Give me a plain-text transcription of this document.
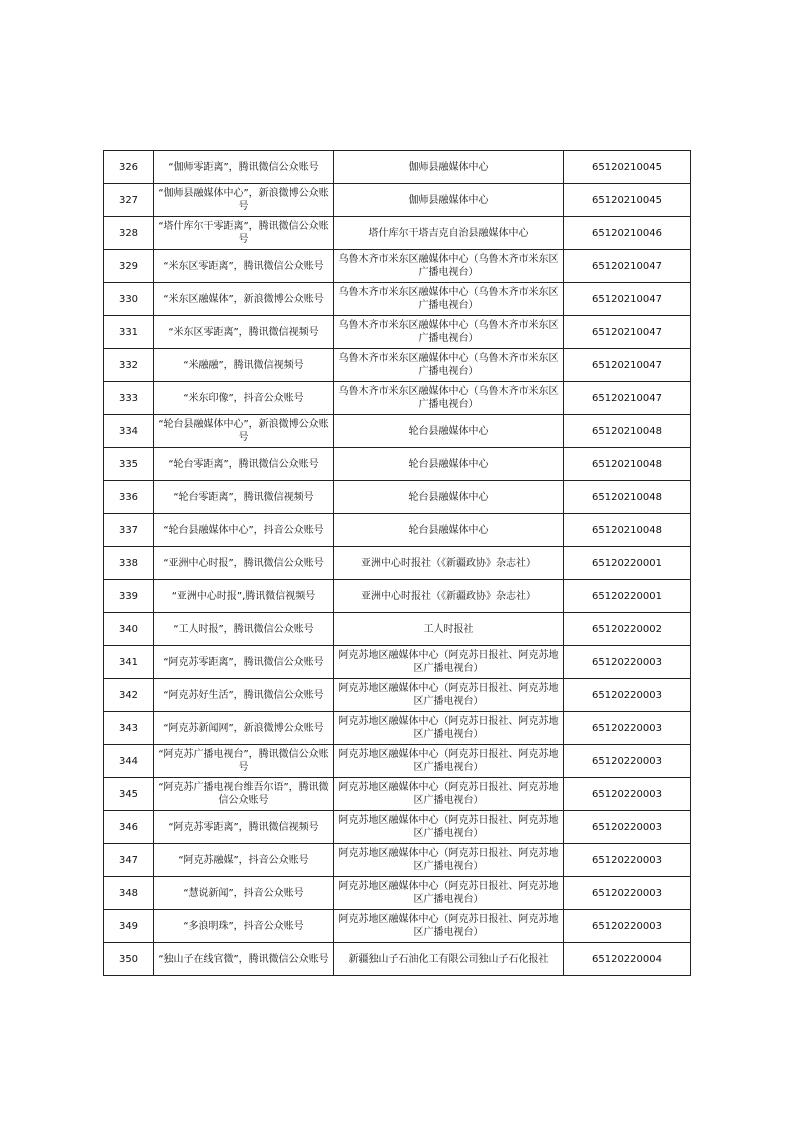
326	“伽师零距离”，腾讯微信公众账号	伽师县融媒体中心	65120210045
327	“伽师县融媒体中心”，新浪微博公众账号	伽师县融媒体中心	65120210045
328	“塔什库尔干零距离”，腾讯微信公众账号	塔什库尔干塔吉克自治县融媒体中心	65120210046
329	“米东区零距离”，腾讯微信公众账号	乌鲁木齐市米东区融媒体中心（乌鲁木齐市米东区广播电视台）	65120210047
330	“米东区融媒体”，新浪微博公众账号	乌鲁木齐市米东区融媒体中心（乌鲁木齐市米东区广播电视台）	65120210047
331	“米东区零距离”，腾讯微信视频号	乌鲁木齐市米东区融媒体中心（乌鲁木齐市米东区广播电视台）	65120210047
332	“米融融”，腾讯微信视频号	乌鲁木齐市米东区融媒体中心（乌鲁木齐市米东区广播电视台）	65120210047
333	“米东印像”，抖音公众账号	乌鲁木齐市米东区融媒体中心（乌鲁木齐市米东区广播电视台）	65120210047
334	“轮台县融媒体中心”，新浪微博公众账号	轮台县融媒体中心	65120210048
335	“轮台零距离”，腾讯微信公众账号	轮台县融媒体中心	65120210048
336	“轮台零距离”，腾讯微信视频号	轮台县融媒体中心	65120210048
337	“轮台县融媒体中心”，抖音公众账号	轮台县融媒体中心	65120210048
338	“亚洲中心时报”，腾讯微信公众账号	亚洲中心时报社（《新疆政协》杂志社）	65120220001
339	“亚洲中心时报”,腾讯微信视频号	亚洲中心时报社（《新疆政协》杂志社）	65120220001
340	“工人时报”，腾讯微信公众账号	工人时报社	65120220002
341	“阿克苏零距离”，腾讯微信公众账号	阿克苏地区融媒体中心（阿克苏日报社、阿克苏地区广播电视台）	65120220003
342	“阿克苏好生活”，腾讯微信公众账号	阿克苏地区融媒体中心（阿克苏日报社、阿克苏地区广播电视台）	65120220003
343	“阿克苏新闻网”，新浪微博公众账号	阿克苏地区融媒体中心（阿克苏日报社、阿克苏地区广播电视台）	65120220003
344	“阿克苏广播电视台”，腾讯微信公众账号	阿克苏地区融媒体中心（阿克苏日报社、阿克苏地区广播电视台）	65120220003
345	“阿克苏广播电视台维吾尔语”，腾讯微信公众账号	阿克苏地区融媒体中心（阿克苏日报社、阿克苏地区广播电视台）	65120220003
346	“阿克苏零距离”，腾讯微信视频号	阿克苏地区融媒体中心（阿克苏日报社、阿克苏地区广播电视台）	65120220003
347	“阿克苏融媒”，抖音公众账号	阿克苏地区融媒体中心（阿克苏日报社、阿克苏地区广播电视台）	65120220003
348	“慧说新闻”，抖音公众账号	阿克苏地区融媒体中心（阿克苏日报社、阿克苏地区广播电视台）	65120220003
349	“多浪明珠”，抖音公众账号	阿克苏地区融媒体中心（阿克苏日报社、阿克苏地区广播电视台）	65120220003
350	“独山子在线官微”，腾讯微信公众账号	新疆独山子石油化工有限公司独山子石化报社	65120220004
